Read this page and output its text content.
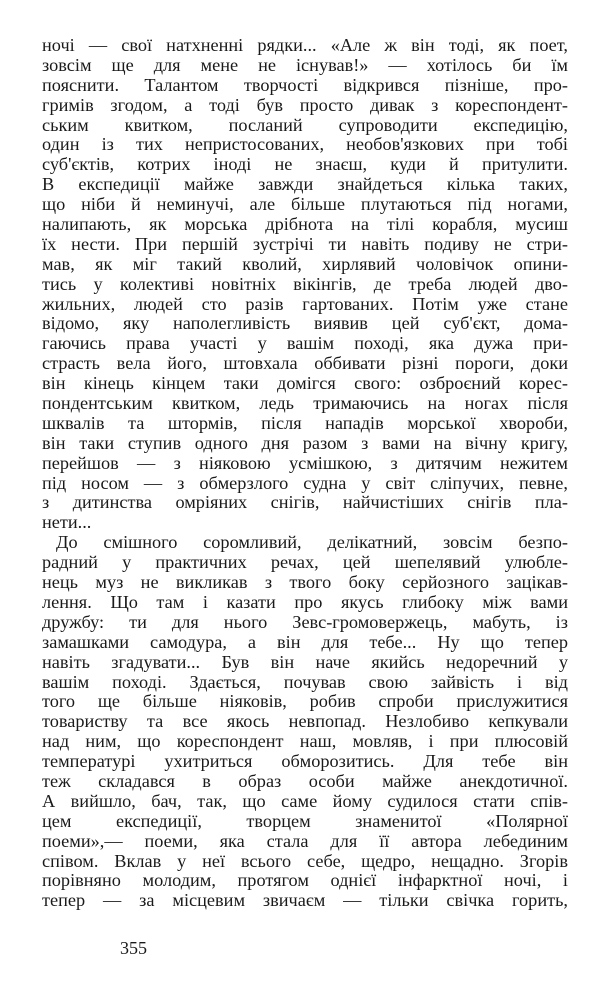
ночі — свої натхненні рядки... «Але ж він тоді, як поет,
зовсім ще для мене не існував!» — хотілось би їм
пояснити. Талантом творчості відкрився пізніше, про-
гримів згодом, а тоді був просто дивак з кореспондент-
ським квитком, посланий супроводити експедицію,
один із тих непристосованих, необов'язкових при тобі
суб'єктів, котрих іноді не знаєш, куди й притулити.
В експедиції майже завжди знайдеться кілька таких,
що ніби й неминучі, але більше плутаються під ногами,
налипають, як морська дрібнота на тілі корабля, мусиш
їх нести. При першій зустрічі ти навіть подиву не стри-
мав, як міг такий кволий, хирлявий чоловічок опини-
тись у колективі новітніх вікінгів, де треба людей дво-
жильних, людей сто разів гартованих. Потім уже стане
відомо, яку наполегливість виявив цей суб'єкт, дома-
гаючись права участі у вашім поході, яка дужа при-
страсть вела його, штовхала оббивати різні пороги, доки
він кінець кінцем таки домігся свого: озброєний корес-
пондентським квитком, ледь тримаючись на ногах після
шквалів та штормів, після нападів морської хвороби,
він таки ступив одного дня разом з вами на вічну кригу,
перейшов — з ніяковою усмішкою, з дитячим нежитем
під носом — з обмерзлого судна у світ сліпучих, певне,
з дитинства омріяних снігів, найчистіших снігів пла-
нети...
До смішного соромливий, делікатний, зовсім безпо-
радний у практичних речах, цей шепелявий улюбле-
нець муз не викликав з твого боку серйозного зацікав-
лення. Що там і казати про якусь глибоку між вами
дружбу: ти для нього Зевс-громовержець, мабуть, із
замашками самодура, а він для тебе... Ну що тепер
навіть згадувати... Був він наче якийсь недоречний у
вашім поході. Здається, почував свою зайвість і від
того ще більше ніяковів, робив спроби прислужитися
товариству та все якось невпопад. Незлобиво кепкували
над ним, що кореспондент наш, мовляв, і при плюсовій
температурі ухитриться обморозитись. Для тебе він
теж складався в образ особи майже анекдотичної.
А вийшло, бач, так, що саме йому судилося стати спів-
цем експедиції, творцем знаменитої «Полярної
поеми»,— поеми, яка стала для її автора лебединим
співом. Вклав у неї всього себе, щедро, нещадно. Згорів
порівняно молодим, протягом однієї інфарктної ночі, і
тепер — за місцевим звичаєм — тільки свічка горить,
355
